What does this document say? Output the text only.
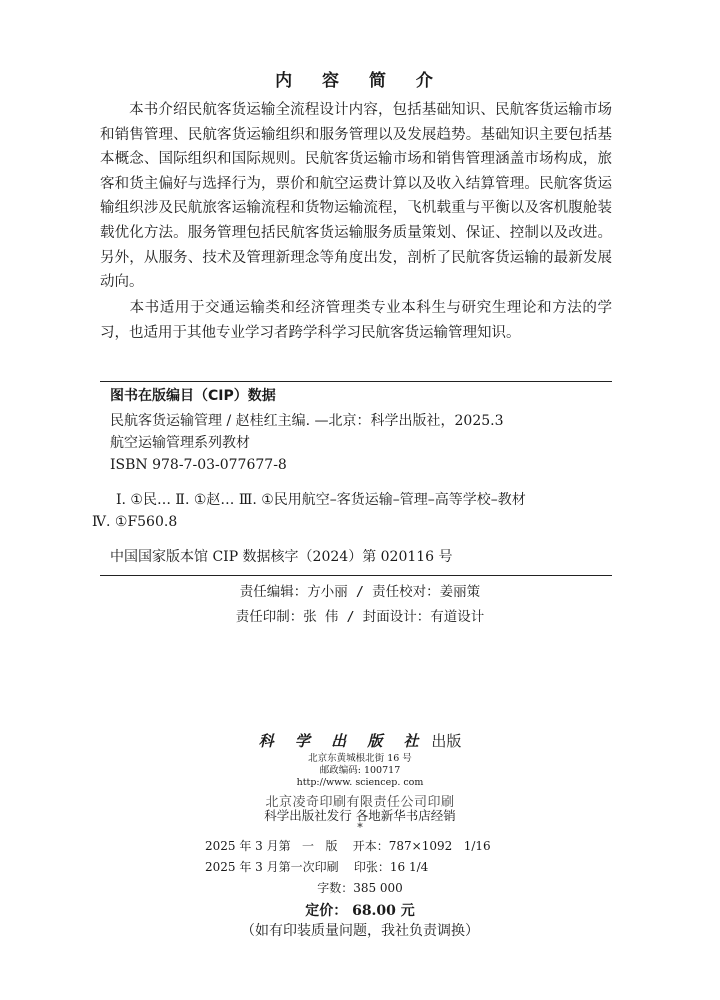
内 容 简 介
本书介绍民航客货运输全流程设计内容，包括基础知识、民航客货运输市场和销售管理、民航客货运输组织和服务管理以及发展趋势。基础知识主要包括基本概念、国际组织和国际规则。民航客货运输市场和销售管理涵盖市场构成，旅客和货主偏好与选择行为，票价和航空运费计算以及收入结算管理。民航客货运输组织涉及民航旅客运输流程和货物运输流程，飞机载重与平衡以及客机腹舱装载优化方法。服务管理包括民航客货运输服务质量策划、保证、控制以及改进。另外，从服务、技术及管理新理念等角度出发，剖析了民航客货运输的最新发展动向。
本书适用于交通运输类和经济管理类专业本科生与研究生理论和方法的学习，也适用于其他专业学习者跨学科学习民航客货运输管理知识。
图书在版编目（CIP）数据
民航客货运输管理 / 赵桂红主编. —北京：科学出版社，2025.3
航空运输管理系列教材
ISBN 978-7-03-077677-8
Ⅰ. ①民… Ⅱ. ①赵… Ⅲ. ①民用航空–客货运输–管理–高等学校–教材
Ⅳ. ①F560.8
中国国家版本馆 CIP 数据核字（2024）第 020116 号
责任编辑：方小丽 / 责任校对：姜丽策
责任印制：张 伟 / 封面设计：有道设计
科 学 出 版 社 出版
北京东黄城根北街 16 号
邮政编码: 100717
http://www. sciencep. com
北京凌奇印刷有限责任公司印刷
科学出版社发行 各地新华书店经销
*
2025 年 3 月第   一   版    开本：787×1092   1/16
2025 年 3 月第一次印刷    印张：16 1/4
字数：385 000
定价： 68.00 元
（如有印装质量问题，我社负责调换）
